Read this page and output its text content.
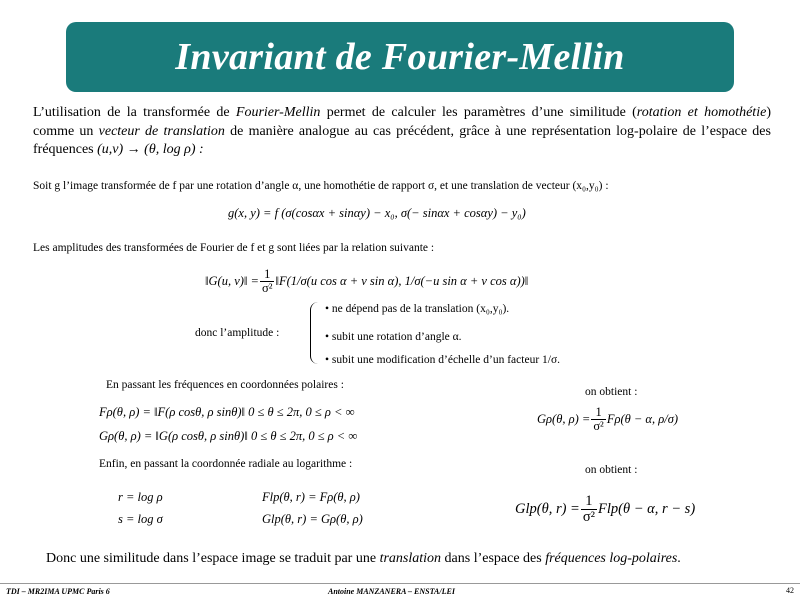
Invariant de Fourier-Mellin
L’utilisation de la transformée de Fourier-Mellin permet de calculer les paramètres d’une similitude (rotation et homothétie) comme un vecteur de translation de manière analogue au cas précédent, grâce à une représentation log-polaire de l’espace des fréquences (u,v) → (θ, log ρ) :
Soit g l’image transformée de f par une rotation d’angle α, une homothétie de rapport σ, et une translation de vecteur (x₀,y₀) :
g(x, y) = f (σ(cosαx + sinαy) − x₀, σ(− sinαx + cosαy) − y₀)
Les amplitudes des transformées de Fourier de f et g sont liées par la relation suivante :
‖G(u, v)‖ = $\frac{1}{\text{σ²}}$ ‖F(1/σ(u cos α + v sin α), 1/σ(−u sin α + v cos α))‖
donc l’amplitude :
• ne dépend pas de la translation (x₀,y₀).
• subit une rotation d’angle α.
• subit une modification d’échelle d’un facteur 1/σ.
En passant les fréquences en coordonnées polaires :
Fρ(θ, ρ) = ‖F(ρ cosθ, ρ sinθ)‖ 0 ≤ θ ≤ 2π, 0 ≤ ρ < ∞
Gρ(θ, ρ) = ‖G(ρ cosθ, ρ sinθ)‖ 0 ≤ θ ≤ 2π, 0 ≤ ρ < ∞
on obtient :
Gρ(θ, $\rho) = \frac{1}{\text{σ²}} F\rho(\theta - \alpha$, ρ/σ)
Enfin, en passant la coordonnée radiale au logarithme :
r = log ρ
s = log σ
Flp(θ, r) = Fρ(θ, ρ)
Glp(θ, r) = Gρ(θ, ρ)
on obtient :
Glp(θ, $r) = \frac{1}{\text{σ²}} Flp(\theta - \alpha$, r − s)
Donc une similitude dans l’espace image se traduit par une translation dans l’espace des fréquences log-polaires.
TDI – MR2IMA UPMC Paris 6	Antoine MANZANERA – ENSTA/LEI	42
